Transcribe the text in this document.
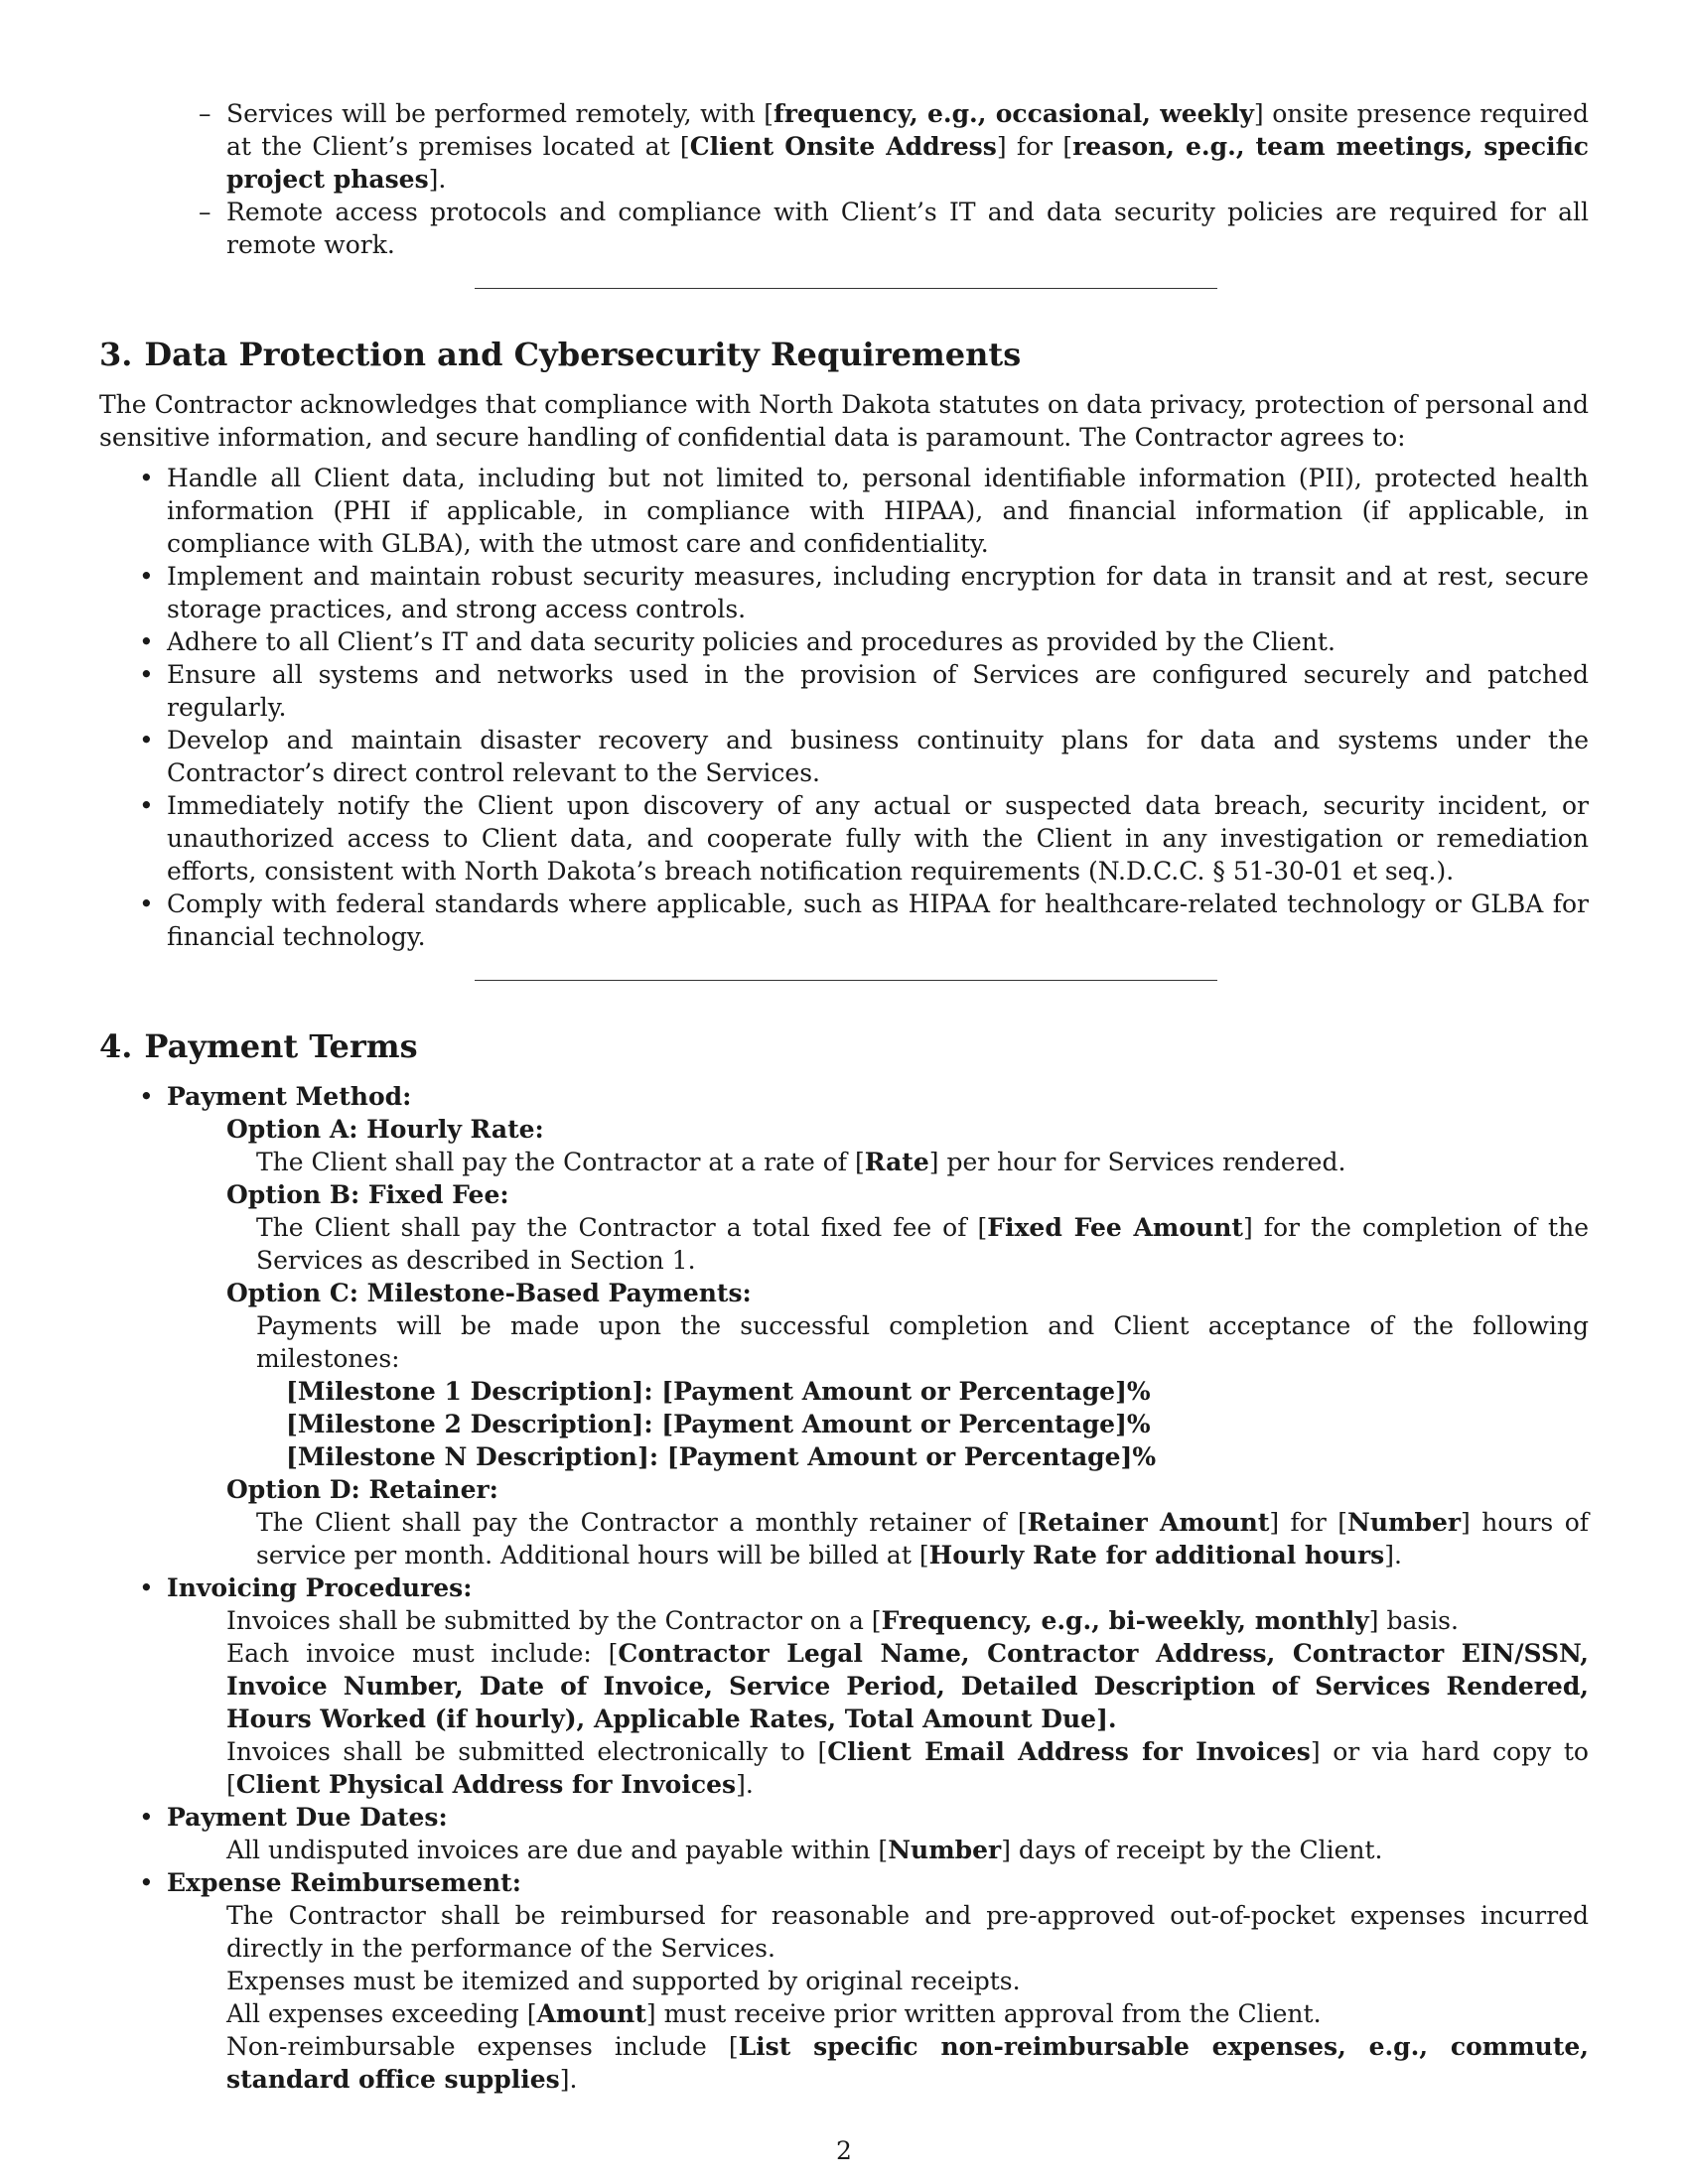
– Services will be performed remotely, with [frequency, e.g., occasional, weekly] onsite presence required at the Client’s premises located at [Client Onsite Address] for [reason, e.g., team meetings, specific project phases].
– Remote access protocols and compliance with Client’s IT and data security policies are required for all remote work.
3. Data Protection and Cybersecurity Requirements

The Contractor acknowledges that compliance with North Dakota statutes on data privacy, protection of personal and sensitive information, and secure handling of confidential data is paramount. The Contractor agrees to:

• Handle all Client data, including but not limited to, personal identifiable information (PII), protected health information (PHI if applicable, in compliance with HIPAA), and financial information (if applicable, in compliance with GLBA), with the utmost care and confidentiality.
• Implement and maintain robust security measures, including encryption for data in transit and at rest, secure storage practices, and strong access controls.
• Adhere to all Client’s IT and data security policies and procedures as provided by the Client.
• Ensure all systems and networks used in the provision of Services are configured securely and patched regularly.
• Develop and maintain disaster recovery and business continuity plans for data and systems under the Contractor’s direct control relevant to the Services.
• Immediately notify the Client upon discovery of any actual or suspected data breach, security incident, or unauthorized access to Client data, and cooperate fully with the Client in any investigation or remediation efforts, consistent with North Dakota’s breach notification requirements (N.D.C.C. § 51-30-01 et seq.).
• Comply with federal standards where applicable, such as HIPAA for healthcare-related technology or GLBA for financial technology.
4. Payment Terms
• Payment Method:
Option A: Hourly Rate:
The Client shall pay the Contractor at a rate of [Rate] per hour for Services rendered.
Option B: Fixed Fee:
The Client shall pay the Contractor a total fixed fee of [Fixed Fee Amount] for the completion of the Services as described in Section 1.
Option C: Milestone-Based Payments:
Payments will be made upon the successful completion and Client acceptance of the following milestones:
[Milestone 1 Description]: [Payment Amount or Percentage]%
[Milestone 2 Description]: [Payment Amount or Percentage]%
[Milestone N Description]: [Payment Amount or Percentage]%
Option D: Retainer:
The Client shall pay the Contractor a monthly retainer of [Retainer Amount] for [Number] hours of service per month. Additional hours will be billed at [Hourly Rate for additional hours].
• Invoicing Procedures:
Invoices shall be submitted by the Contractor on a [Frequency, e.g., bi-weekly, monthly] basis.
Each invoice must include: [Contractor Legal Name, Contractor Address, Contractor EIN/SSN, Invoice Number, Date of Invoice, Service Period, Detailed Description of Services Rendered, Hours Worked (if hourly), Applicable Rates, Total Amount Due].
Invoices shall be submitted electronically to [Client Email Address for Invoices] or via hard copy to [Client Physical Address for Invoices].
• Payment Due Dates:
All undisputed invoices are due and payable within [Number] days of receipt by the Client.
• Expense Reimbursement:
The Contractor shall be reimbursed for reasonable and pre-approved out-of-pocket expenses incurred directly in the performance of the Services.
Expenses must be itemized and supported by original receipts.
All expenses exceeding [Amount] must receive prior written approval from the Client.
Non-reimbursable expenses include [List specific non-reimbursable expenses, e.g., commute, standard office supplies].
2
